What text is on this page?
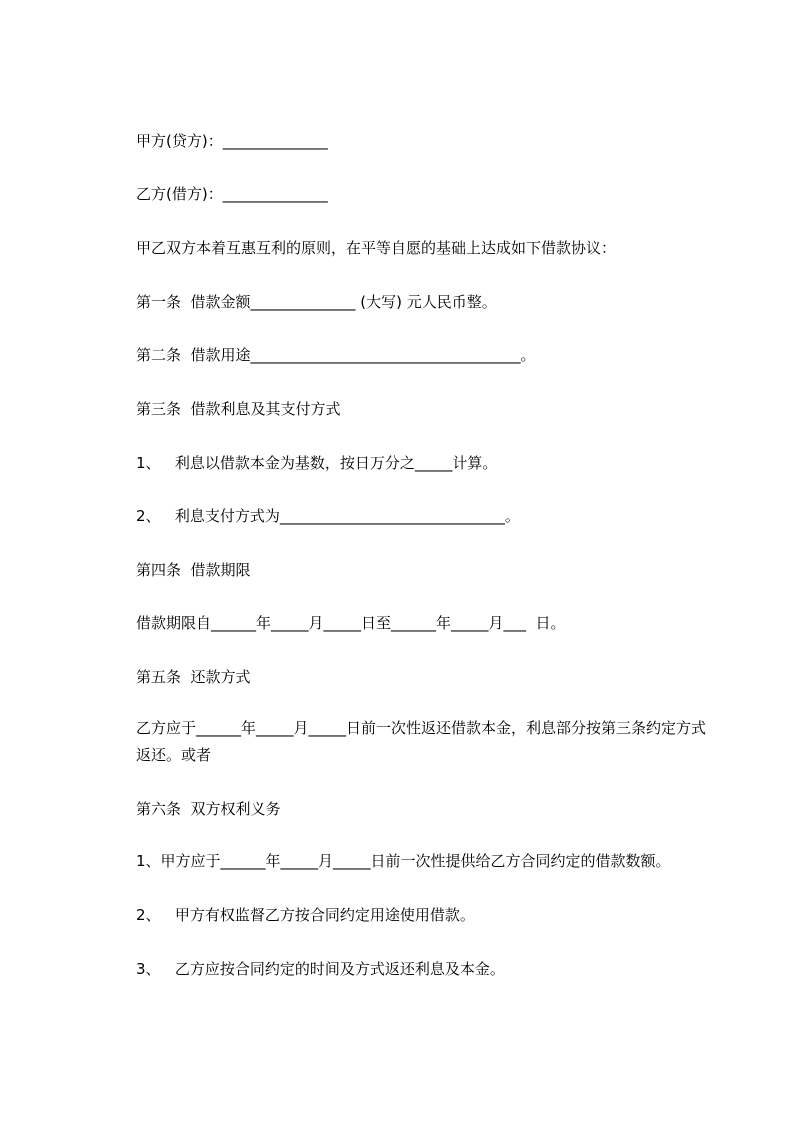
甲方(贷方)：______________
乙方(借方)：______________
甲乙双方本着互惠互利的原则，在平等自愿的基础上达成如下借款协议：
第一条  借款金额______________ (大写) 元人民币整。
第二条  借款用途____________________________________。
第三条  借款利息及其支付方式
1、   利息以借款本金为基数，按日万分之_____计算。
2、   利息支付方式为______________________________。
第四条  借款期限
借款期限自______年_____月_____日至______年_____月___  日。
第五条  还款方式
乙方应于______年_____月_____日前一次性返还借款本金，利息部分按第三条约定方式返还。或者
第六条  双方权利义务
1、甲方应于______年_____月_____日前一次性提供给乙方合同约定的借款数额。
2、   甲方有权监督乙方按合同约定用途使用借款。
3、   乙方应按合同约定的时间及方式返还利息及本金。
